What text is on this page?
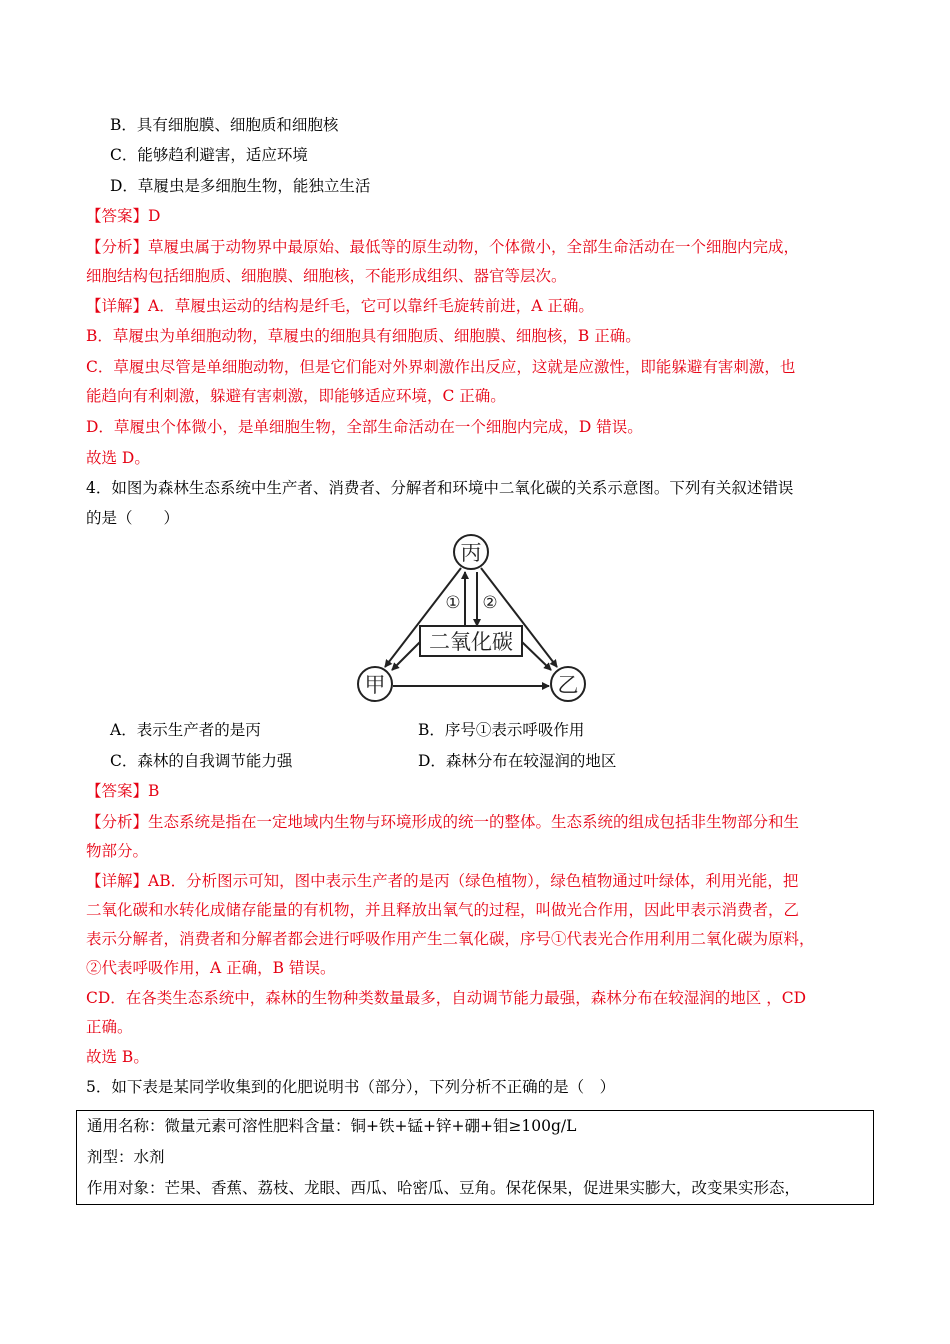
B．具有细胞膜、细胞质和细胞核
C．能够趋利避害，适应环境
D．草履虫是多细胞生物，能独立生活
【答案】D
【分析】草履虫属于动物界中最原始、最低等的原生动物，个体微小，全部生命活动在一个细胞内完成，
细胞结构包括细胞质、细胞膜、细胞核，不能形成组织、器官等层次。
【详解】A．草履虫运动的结构是纤毛，它可以靠纤毛旋转前进，A 正确。
B．草履虫为单细胞动物，草履虫的细胞具有细胞质、细胞膜、细胞核，B 正确。
C．草履虫尽管是单细胞动物，但是它们能对外界刺激作出反应，这就是应激性，即能躲避有害刺激，也
能趋向有利刺激，躲避有害刺激，即能够适应环境，C 正确。
D．草履虫个体微小，是单细胞生物，全部生命活动在一个细胞内完成，D 错误。
故选 D。
4．如图为森林生态系统中生产者、消费者、分解者和环境中二氧化碳的关系示意图。下列有关叙述错误
的是（　　）
丙
甲	乙
二氧化碳
① ②
A．表示生产者的是丙	B．序号①表示呼吸作用
C．森林的自我调节能力强	D．森林分布在较湿润的地区
【答案】B
【分析】生态系统是指在一定地域内生物与环境形成的统一的整体。生态系统的组成包括非生物部分和生
物部分。
【详解】AB．分析图示可知，图中表示生产者的是丙（绿色植物），绿色植物通过叶绿体，利用光能，把
二氧化碳和水转化成储存能量的有机物，并且释放出氧气的过程，叫做光合作用，因此甲表示消费者，乙
表示分解者，消费者和分解者都会进行呼吸作用产生二氧化碳，序号①代表光合作用利用二氧化碳为原料，
②代表呼吸作用，A 正确，B 错误。
CD．在各类生态系统中，森林的生物种类数量最多，自动调节能力最强，森林分布在较湿润的地区 ，CD
正确。
故选 B。
5．如下表是某同学收集到的化肥说明书（部分），下列分析不正确的是（　）
通用名称：微量元素可溶性肥料含量：铜+铁+锰+锌+硼+钼≥100g/L
剂型：水剂
作用对象：芒果、香蕉、荔枝、龙眼、西瓜、哈密瓜、豆角。保花保果，促进果实膨大，改变果实形态，
